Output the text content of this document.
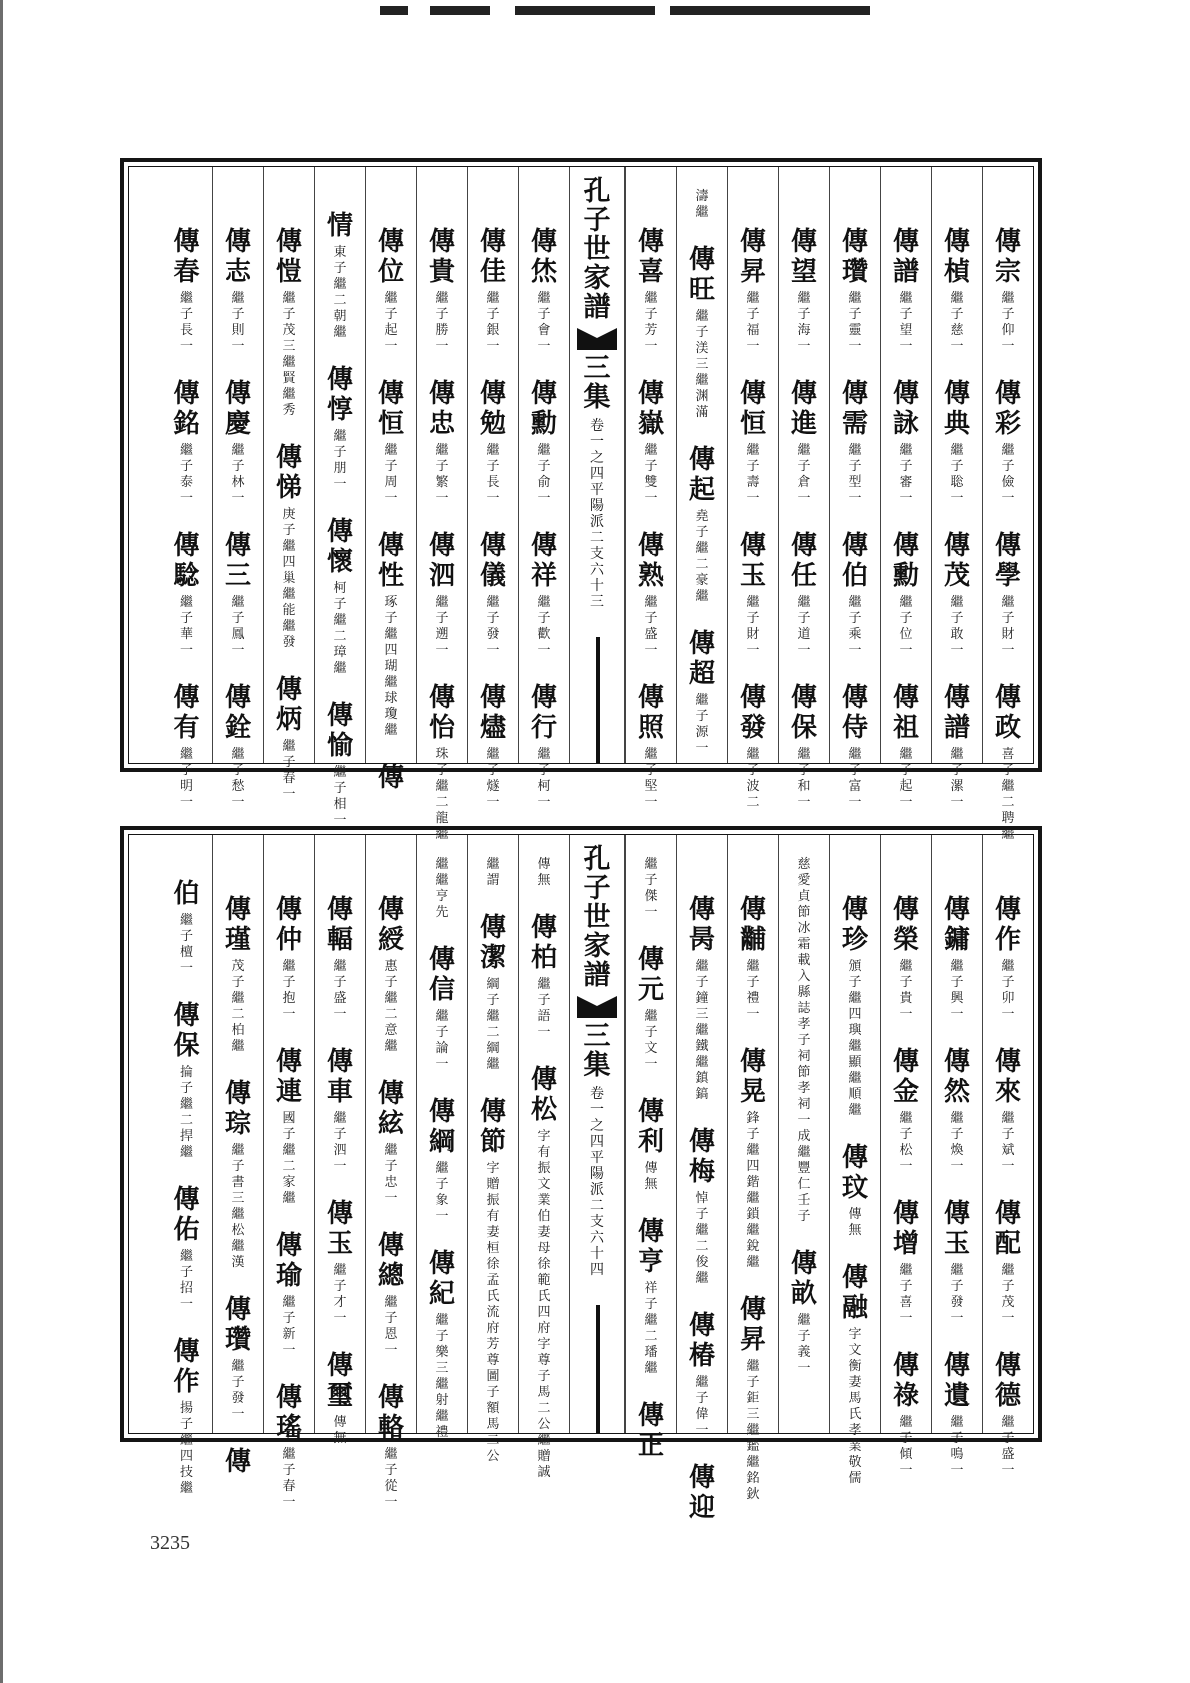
傳
宗
繼
子
仰
一
傳
彩
繼
子
儉
一
傳
學
繼
子
財
一
傳
政
喜
子
繼
二
聘
繼
傳
楨
繼
子
慈
一
傳
典
繼
子
聡
一
傳
茂
繼
子
敢
一
傳
譜
繼
子
漯
一
傳
譜
繼
子
望
一
傳
詠
繼
子
審
一
傳
勳
繼
子
位
一
傳
祖
繼
子
起
一
傳
瓚
繼
子
靈
一
傳
需
繼
子
型
一
傳
伯
繼
子
乘
一
傳
侍
繼
子
富
一
傳
望
繼
子
海
一
傳
進
繼
子
倉
一
傳
任
繼
子
道
一
傳
保
繼
子
和
一
傳
昇
繼
子
福
一
傳
恒
繼
子
壽
一
傳
玉
繼
子
財
一
傳
發
繼
子
波
二
濤
繼
傳
旺
繼
子
渼
三
繼
渊
滿
傳
起
堯
子
繼
二
豪
繼
傳
超
繼
子
源
一
傳
喜
繼
子
芳
一
傳
嶽
繼
子
雙
一
傳
熟
繼
子
盛
一
傳
照
繼
子
堅
一
孔
子
世
家
譜
三
集
卷
一
之
四
平
陽
派
二
支
六
十
三
傳
烋
繼
子
會
一
傳
勳
繼
子
俞
一
傳
祥
繼
子
歡
一
傳
行
繼
子
柯
一
傳
佳
繼
子
銀
一
傳
勉
繼
子
長
一
傳
儀
繼
子
發
一
傳
燼
繼
子
燧
一
傳
貴
繼
子
勝
一
傳
忠
繼
子
繁
一
傳
泗
繼
子
遡
一
傳
怡
珠
子
繼
二
龍
繼
傳
位
繼
子
起
一
傳
恒
繼
子
周
一
傳
性
琢
子
繼
四
瑚
繼
球
瓊
繼
傳
情
東
子
繼
二
朝
繼
傳
惇
繼
子
朋
一
傳
懷
柯
子
繼
二
璋
繼
傳
愉
繼
子
相
一
傳
愷
繼
子
茂
三
繼
賢
繼
秀
傳
悌
庚
子
繼
四
巢
繼
能
繼
發
傳
炳
繼
子
春
一
傳
志
繼
子
則
一
傳
慶
繼
子
林
一
傳
三
繼
子
鳳
一
傳
銓
繼
子
愁
一
傳
春
繼
子
長
一
傳
銘
繼
子
泰
一
傳
騐
繼
子
華
一
傳
有
繼
子
明
一
傳
作
繼
子
卯
一
傳
來
繼
子
斌
一
傳
配
繼
子
茂
一
傳
德
繼
子
盛
一
傳
鏞
繼
子
興
一
傳
然
繼
子
煥
一
傳
玉
繼
子
發
一
傳
遺
繼
子
鳴
一
傳
榮
繼
子
貴
一
傳
金
繼
子
松
一
傳
增
繼
子
喜
一
傳
祿
繼
子
傾
一
傳
珍
頒
子
繼
四
璵
繼
顯
繼
順
繼
傳
玟
傳
無
傳
融
字
文
衡
妻
馬
氏
孝
業
敬
儒
慈
愛
貞
節
冰
霜
載
入
縣
誌
孝
子
祠
節
孝
祠
一
成
繼
豐
仁
壬
子
傳
畝
繼
子
義
一
傳
黼
繼
子
禮
一
傳
晃
鋒
子
繼
四
鍇
繼
鎖
繼
銳
繼
傳
昇
繼
子
鉅
三
繼
鑑
繼
銘
鈥
傳
昺
繼
子
鐘
三
繼
鐵
繼
鎮
鎬
傳
梅
悼
子
繼
二
俊
繼
傳
椿
繼
子
偉
一
傳
迎
繼
子
傑
一
傳
元
繼
子
文
一
傳
利
傳
無
傳
亨
祥
子
繼
二
璠
繼
傳
正
孔
子
世
家
譜
三
集
卷
一
之
四
平
陽
派
二
支
六
十
四
傳
無
傳
柏
繼
子
語
一
傳
松
字
有
振
文
業
伯
妻
母
徐
範
氏
四
府
字
尊
子
馬
二
公
繼
贈
誠
繼
謂
傳
潔
綱
子
繼
二
綱
繼
傳
節
字
贈
振
有
妻
桓
徐
孟
氏
流
府
芳
尊
圖
子
額
馬
二
公
繼
繼
亨
先
傳
信
繼
子
論
一
傳
綱
繼
子
象
一
傳
紀
繼
子
樂
三
繼
射
繼
禮
傳
綬
惠
子
繼
二
意
繼
傳
絃
繼
子
忠
一
傳
總
繼
子
恩
一
傳
輅
繼
子
從
一
傳
輻
繼
子
盛
一
傳
車
繼
子
泗
一
傳
玉
繼
子
才
一
傳
璽
傳
無
傳
仲
繼
子
抱
一
傳
連
國
子
繼
二
家
繼
傳
瑜
繼
子
新
一
傳
瑤
繼
子
春
一
傳
瑾
茂
子
繼
二
柏
繼
傳
琮
繼
子
書
三
繼
松
繼
漢
傳
瓚
繼
子
發
一
傳
伯
繼
子
檀
一
傳
保
掄
子
繼
二
捍
繼
傳
佑
繼
子
招
一
傳
作
揚
子
繼
四
技
繼
3235
